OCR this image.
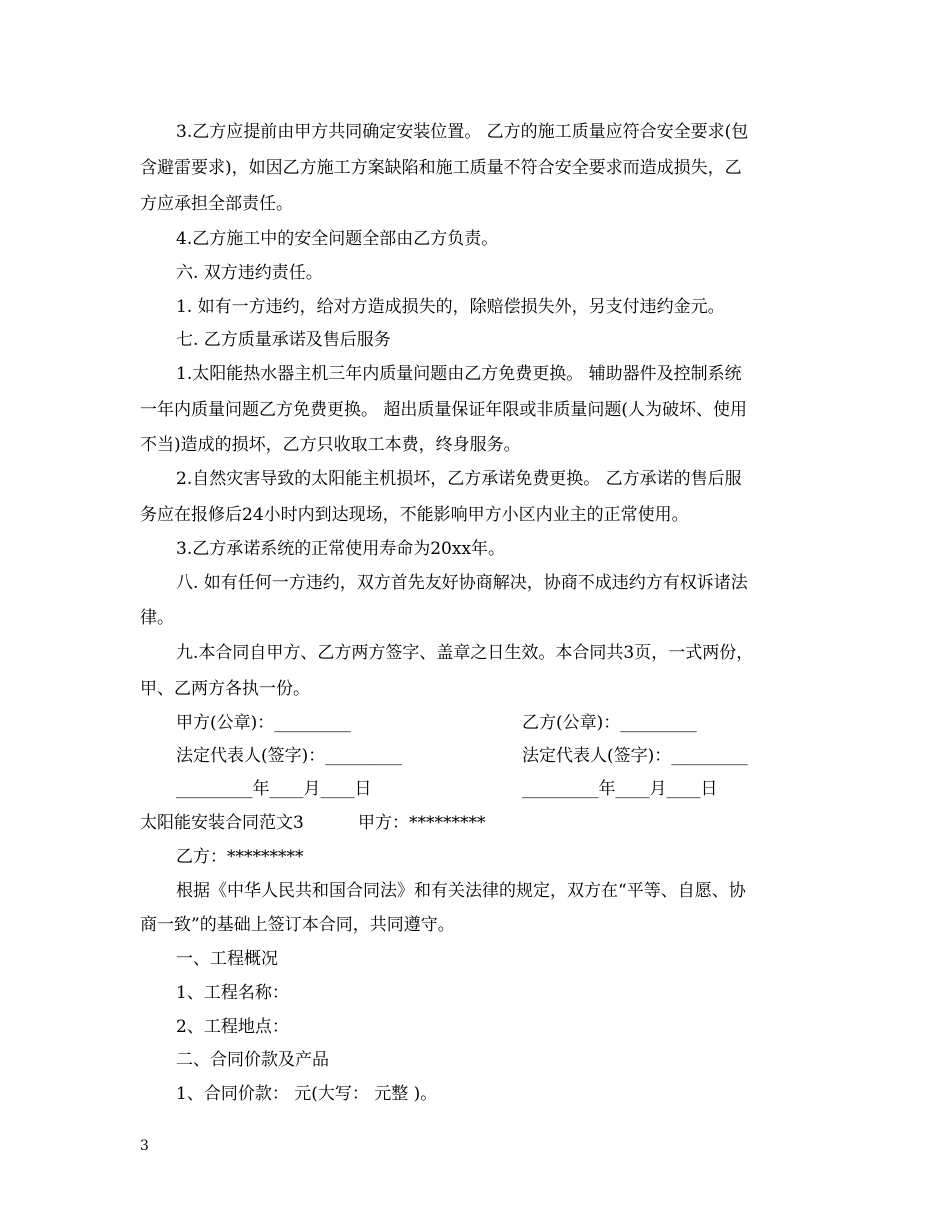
3.乙方应提前由甲方共同确定安装位置。 乙方的施工质量应符合安全要求(包
含避雷要求)，如因乙方施工方案缺陷和施工质量不符合安全要求而造成损失，乙
方应承担全部责任。
4.乙方施工中的安全问题全部由乙方负责。
六. 双方违约责任。
1. 如有一方违约，给对方造成损失的，除赔偿损失外，另支付违约金元。
七. 乙方质量承诺及售后服务
1.太阳能热水器主机三年内质量问题由乙方免费更换。 辅助器件及控制系统
一年内质量问题乙方免费更换。 超出质量保证年限或非质量问题(人为破坏、使用
不当)造成的损坏，乙方只收取工本费，终身服务。
2.自然灾害导致的太阳能主机损坏，乙方承诺免费更换。 乙方承诺的售后服
务应在报修后24小时内到达现场，不能影响甲方小区内业主的正常使用。
3.乙方承诺系统的正常使用寿命为20xx年。
八. 如有任何一方违约，双方首先友好协商解决，协商不成违约方有权诉诸法
律。
九.本合同自甲方、乙方两方签字、盖章之日生效。本合同共3页，一式两份，
甲、乙两方各执一份。
甲方(公章)：_________	乙方(公章)：_________
法定代表人(签字)：_________	法定代表人(签字)：_________
_________年____月____日	_________年____月____日
太阳能安装合同范文3	甲方：*********
乙方：*********
根据《中华人民共和国合同法》和有关法律的规定，双方在“平等、自愿、协
商一致”的基础上签订本合同，共同遵守。
一、工程概况
1、工程名称：
2、工程地点：
二、合同价款及产品
1、合同价款： 元(大写： 元整 )。
3
